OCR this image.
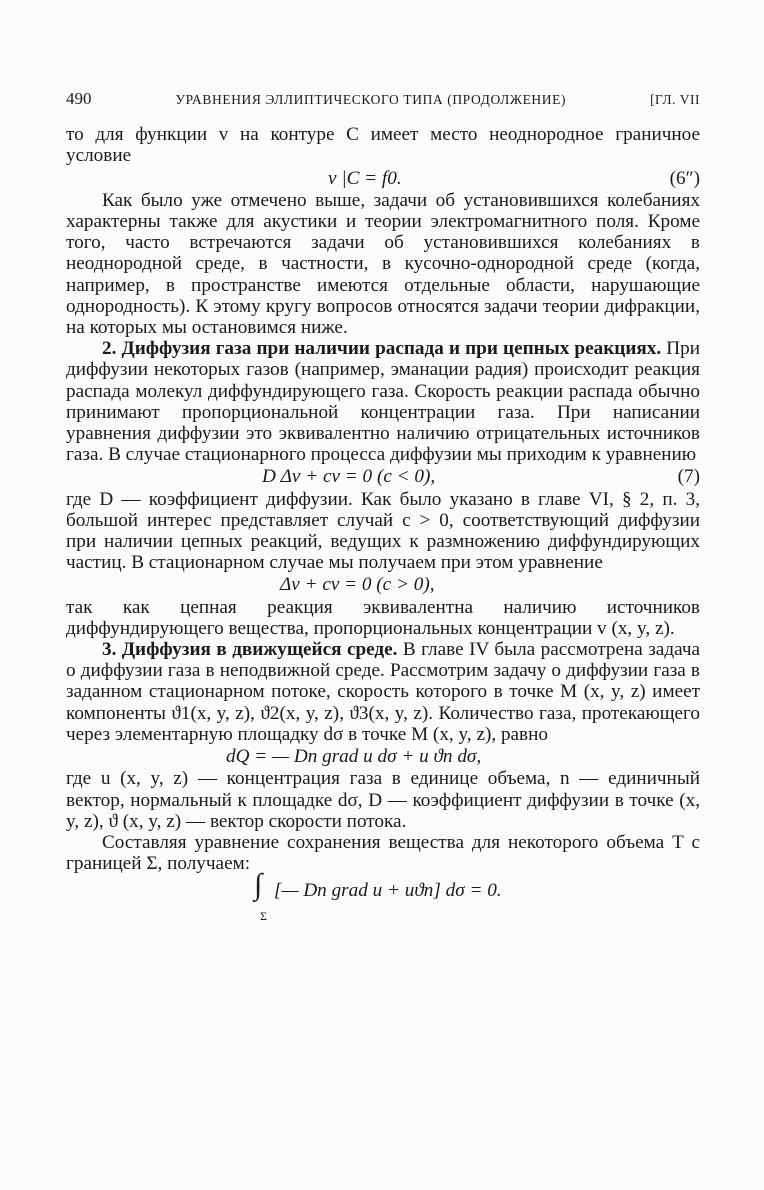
490	УРАВНЕНИЯ ЭЛЛИПТИЧЕСКОГО ТИПА (ПРОДОЛЖЕНИЕ)	[ГЛ. VII

то для функции v на контуре C имеет место неоднородное граничное условие

v |C = f0.	(6″)

Как было уже отмечено выше, задачи об установившихся колебаниях характерны также для акустики и теории электромагнитного поля. Кроме того, часто встречаются задачи об установившихся колебаниях в неоднородной среде, в частности, в кусочно-однородной среде (когда, например, в пространстве имеются отдельные области, нарушающие однородность). К этому кругу вопросов относятся задачи теории дифракции, на которых мы остановимся ниже.

2. Диффузия газа при наличии распада и при цепных реакциях. При диффузии некоторых газов (например, эманации радия) происходит реакция распада молекул диффундирующего газа. Скорость реакции распада обычно принимают пропорциональной концентрации газа. При написании уравнения диффузии это эквивалентно наличию отрицательных источников газа. В случае стационарного процесса диффузии мы приходим к уравнению

D Δv + cv = 0 (c < 0),	(7)

где D — коэффициент диффузии. Как было указано в главе VI, § 2, п. 3, большой интерес представляет случай c > 0, соответствующий диффузии при наличии цепных реакций, ведущих к размножению диффундирующих частиц. В стационарном случае мы получаем при этом уравнение

Δv + cv = 0 (c > 0),

так как цепная реакция эквивалентна наличию источников диффундирующего вещества, пропорциональных концентрации v (x, y, z).

3. Диффузия в движущейся среде. В главе IV была рассмотрена задача о диффузии газа в неподвижной среде. Рассмотрим задачу о диффузии газа в заданном стационарном потоке, скорость которого в точке M (x, y, z) имеет компоненты ϑ1(x, y, z), ϑ2(x, y, z), ϑ3(x, y, z). Количество газа, протекающего через элементарную площадку dσ в точке M (x, y, z), равно

dQ = — Dn grad u dσ + u ϑn dσ,

где u (x, y, z) — концентрация газа в единице объема, n — единичный вектор, нормальный к площадке dσ, D — коэффициент диффузии в точке (x, y, z), ϑ (x, y, z) — вектор скорости потока.

Составляя уравнение сохранения вещества для некоторого объема T с границей Σ, получаем:

∫
Σ
[— Dn grad u + uϑn] dσ = 0.
